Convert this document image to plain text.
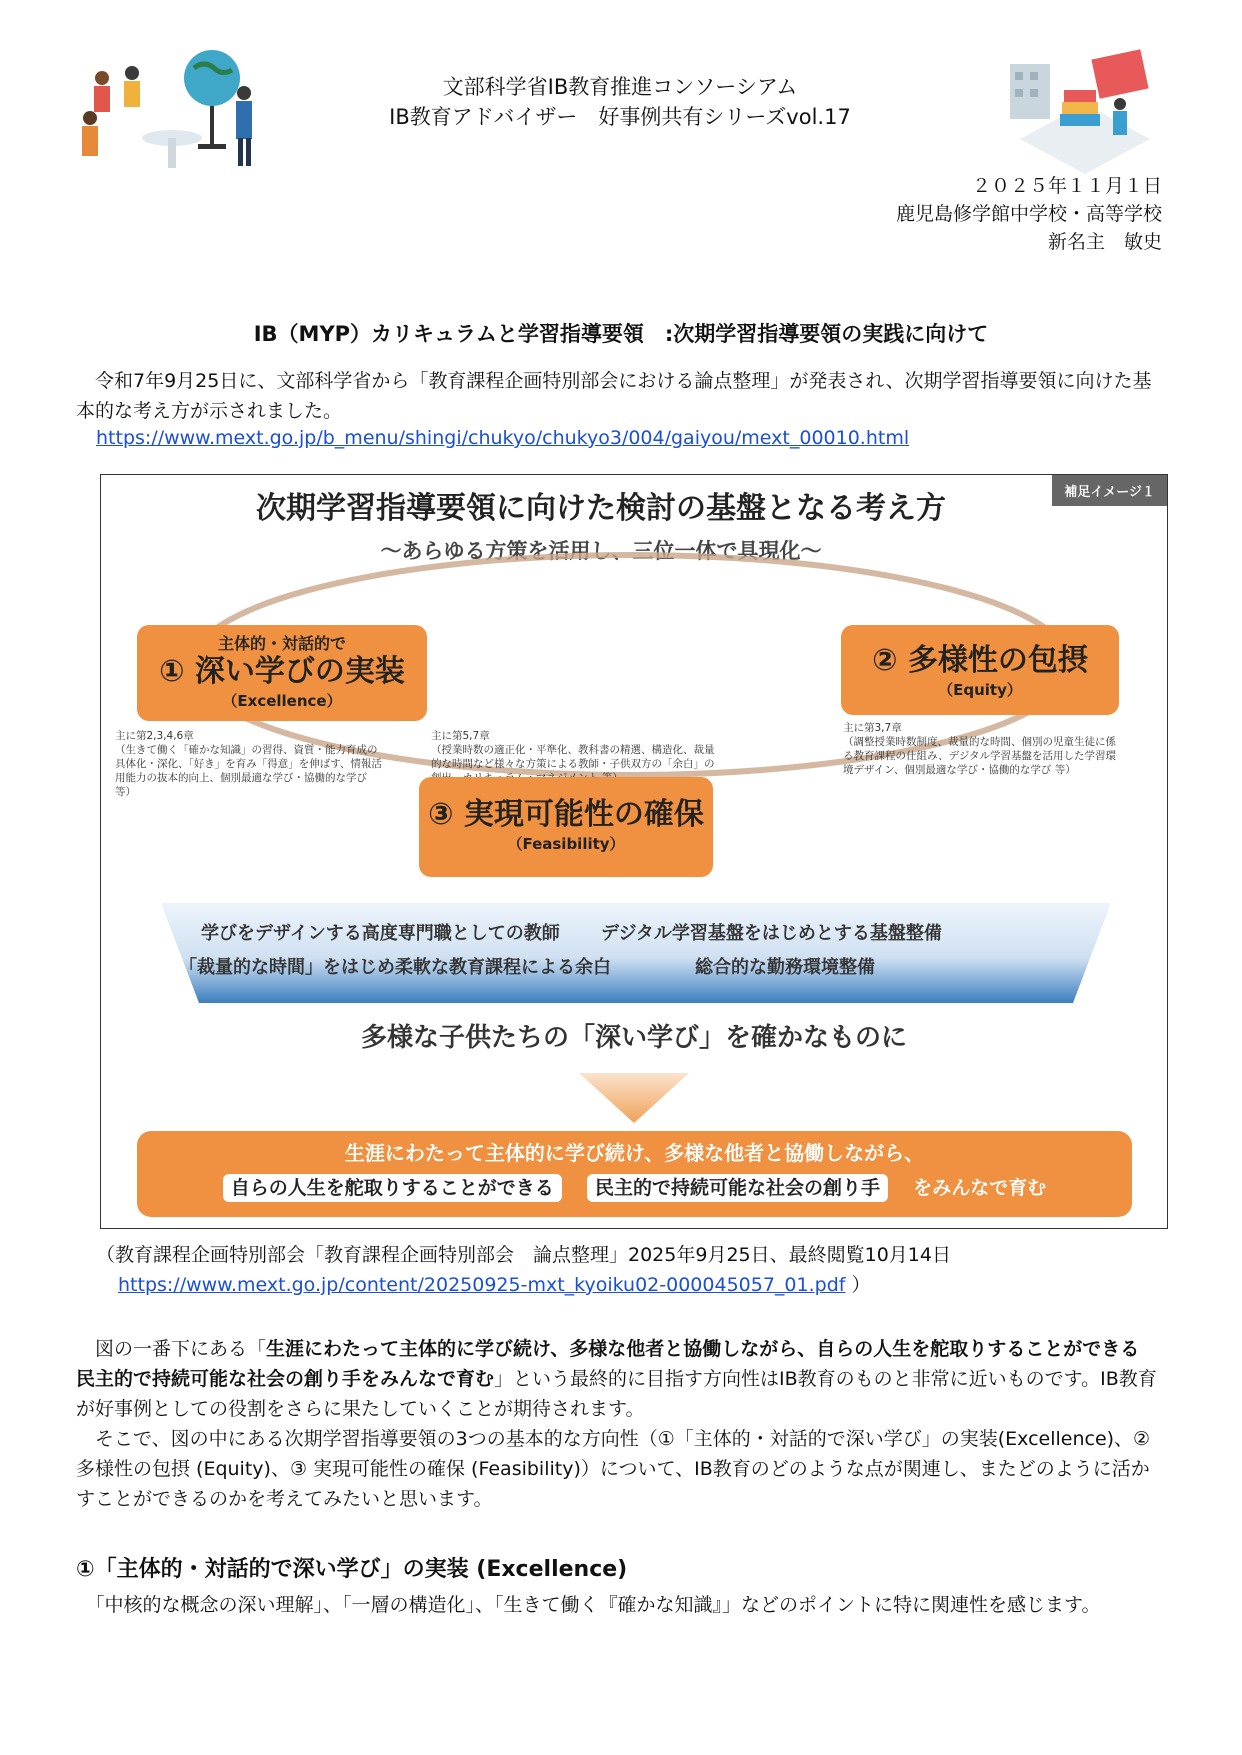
文部科学省IB教育推進コンソーシアム
IB教育アドバイザー　好事例共有シリーズvol.17
２０２５年１１月１日
鹿児島修学館中学校・高等学校
新名主　敏史
IB（MYP）カリキュラムと学習指導要領　:次期学習指導要領の実践に向けて
　令和7年9月25日に、文部科学省から「教育課程企画特別部会における論点整理」が発表され、次期学習指導要領に向けた基本的な考え方が示されました。
https://www.mext.go.jp/b_menu/shingi/chukyo/chukyo3/004/gaiyou/mext_00010.html
補足イメージ１
次期学習指導要領に向けた検討の基盤となる考え方
～あらゆる方策を活用し、三位一体で具現化～
主体的・対話的で
① 深い学びの実装
（Excellence）
② 多様性の包摂
（Equity）
主に第2,3,4,6章
（生きて働く「確かな知識」の習得、資質・能力育成の具体化・深化、「好き」を育み「得意」を伸ばす、情報活用能力の抜本的向上、個別最適な学び・協働的な学び 等）
主に第5,7章
（授業時数の適正化・平準化、教科書の精選、構造化、裁量的な時間など様々な方策による教師・子供双方の「余白」の
主に第3,7章
（調整授業時数制度、裁量的な時間、個別の児童生徒に係る教育課程の仕組み、デジタル学習基盤を活用した学習環境デザイン、個別最適な学び・協働的な学び 等）
③ 実現可能性の確保
（Feasibility）
学びをデザインする高度専門職としての教師 デジタル学習基盤をはじめとする基盤整備
「裁量的な時間」をはじめ柔軟な教育課程による余白	総合的な勤務環境整備
多様な子供たちの「深い学び」を確かなものに
生涯にわたって主体的に学び続け、多様な他者と協働しながら、
自らの人生を舵取りすることができる 民主的で持続可能な社会の創り手 をみんなで育む
（教育課程企画特別部会「教育課程企画特別部会　論点整理」2025年9月25日、最終閲覧10月14日
https://www.mext.go.jp/content/20250925-mxt_kyoiku02-000045057_01.pdf ）
　図の一番下にある「生涯にわたって主体的に学び続け、多様な他者と協働しながら、自らの人生を舵取りすることができる　民主的で持続可能な社会の創り手をみんなで育む」という最終的に目指す方向性はIB教育のものと非常に近いものです。IB教育が好事例としての役割をさらに果たしていくことが期待されます。
　そこで、図の中にある次期学習指導要領の3つの基本的な方向性（①「主体的・対話的で深い学び」の実装(Excellence)、② 多様性の包摂 (Equity)、③ 実現可能性の確保 (Feasibility)）について、IB教育のどのような点が関連し、またどのように活かすことができるのかを考えてみたいと思います。
①「主体的・対話的で深い学び」の実装 (Excellence)
　「中核的な概念の深い理解」、「一層の構造化」、「生きて働く『確かな知識』」などのポイントに特に関連性を感じます。
